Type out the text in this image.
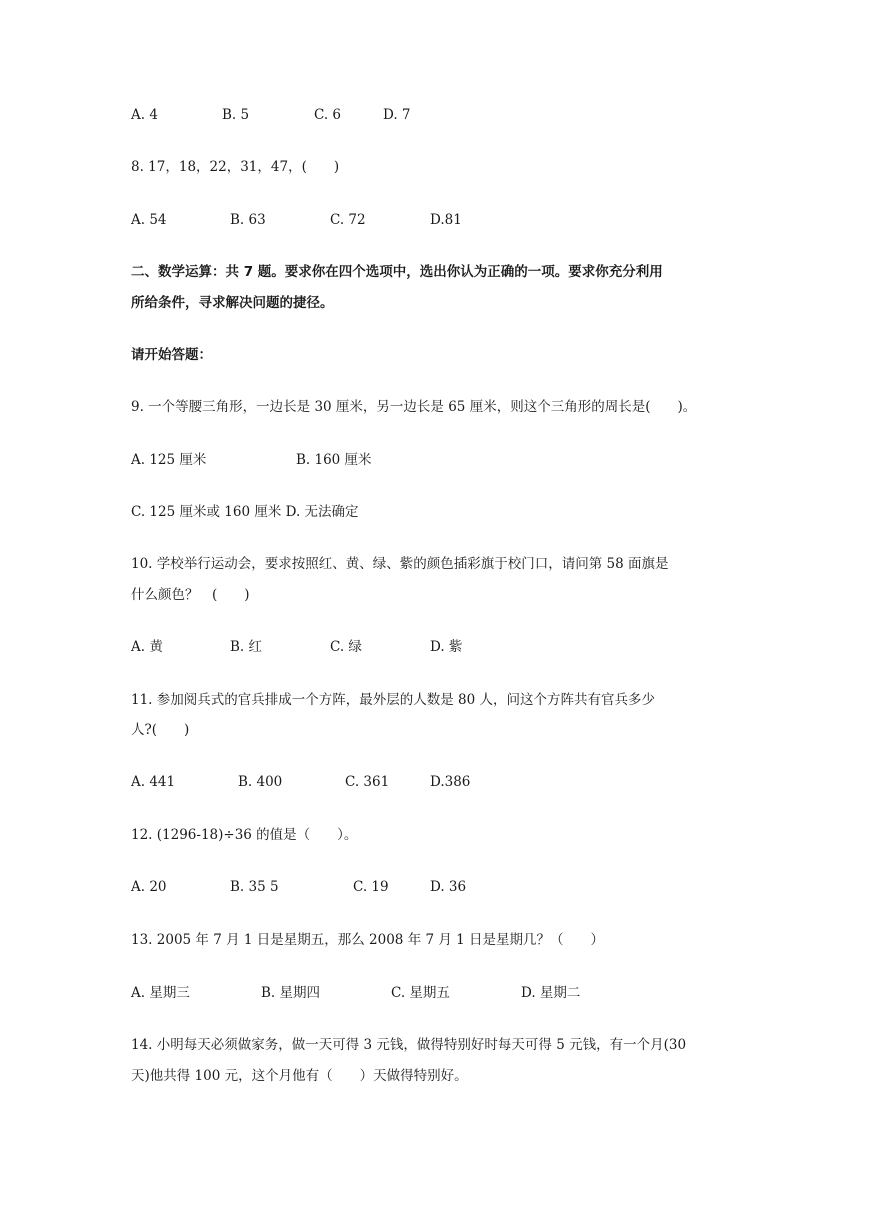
A. 4	B. 5	C. 6	D. 7
8. 17，18，22，31，47，(　　)
A. 54	B. 63	C. 72	D.81
二、数学运算：共 7 题。要求你在四个选项中，选出你认为正确的一项。要求你充分利用
所给条件，寻求解决问题的捷径。
请开始答题：
9. 一个等腰三角形，一边长是 30 厘米，另一边长是 65 厘米，则这个三角形的周长是(　　)。
A. 125 厘米	B. 160 厘米
C. 125 厘米或 160 厘米 D. 无法确定
10. 学校举行运动会，要求按照红、黄、绿、紫的颜色插彩旗于校门口，请问第 58 面旗是
什么颜色？　(　　)
A. 黄	B. 红	C. 绿	D. 紫
11. 参加阅兵式的官兵排成一个方阵，最外层的人数是 80 人，问这个方阵共有官兵多少
人?(　　)
A. 441	B. 400	C. 361	D.386
12. (1296-18)÷36 的值是（　　）。
A. 20	B. 35 5	C. 19	D. 36
13. 2005 年 7 月 1 日是星期五，那么 2008 年 7 月 1 日是星期几？（　　）
A. 星期三	B. 星期四	C. 星期五	D. 星期二
14. 小明每天必须做家务，做一天可得 3 元钱，做得特别好时每天可得 5 元钱，有一个月(30
天)他共得 100 元，这个月他有（　　）天做得特别好。
